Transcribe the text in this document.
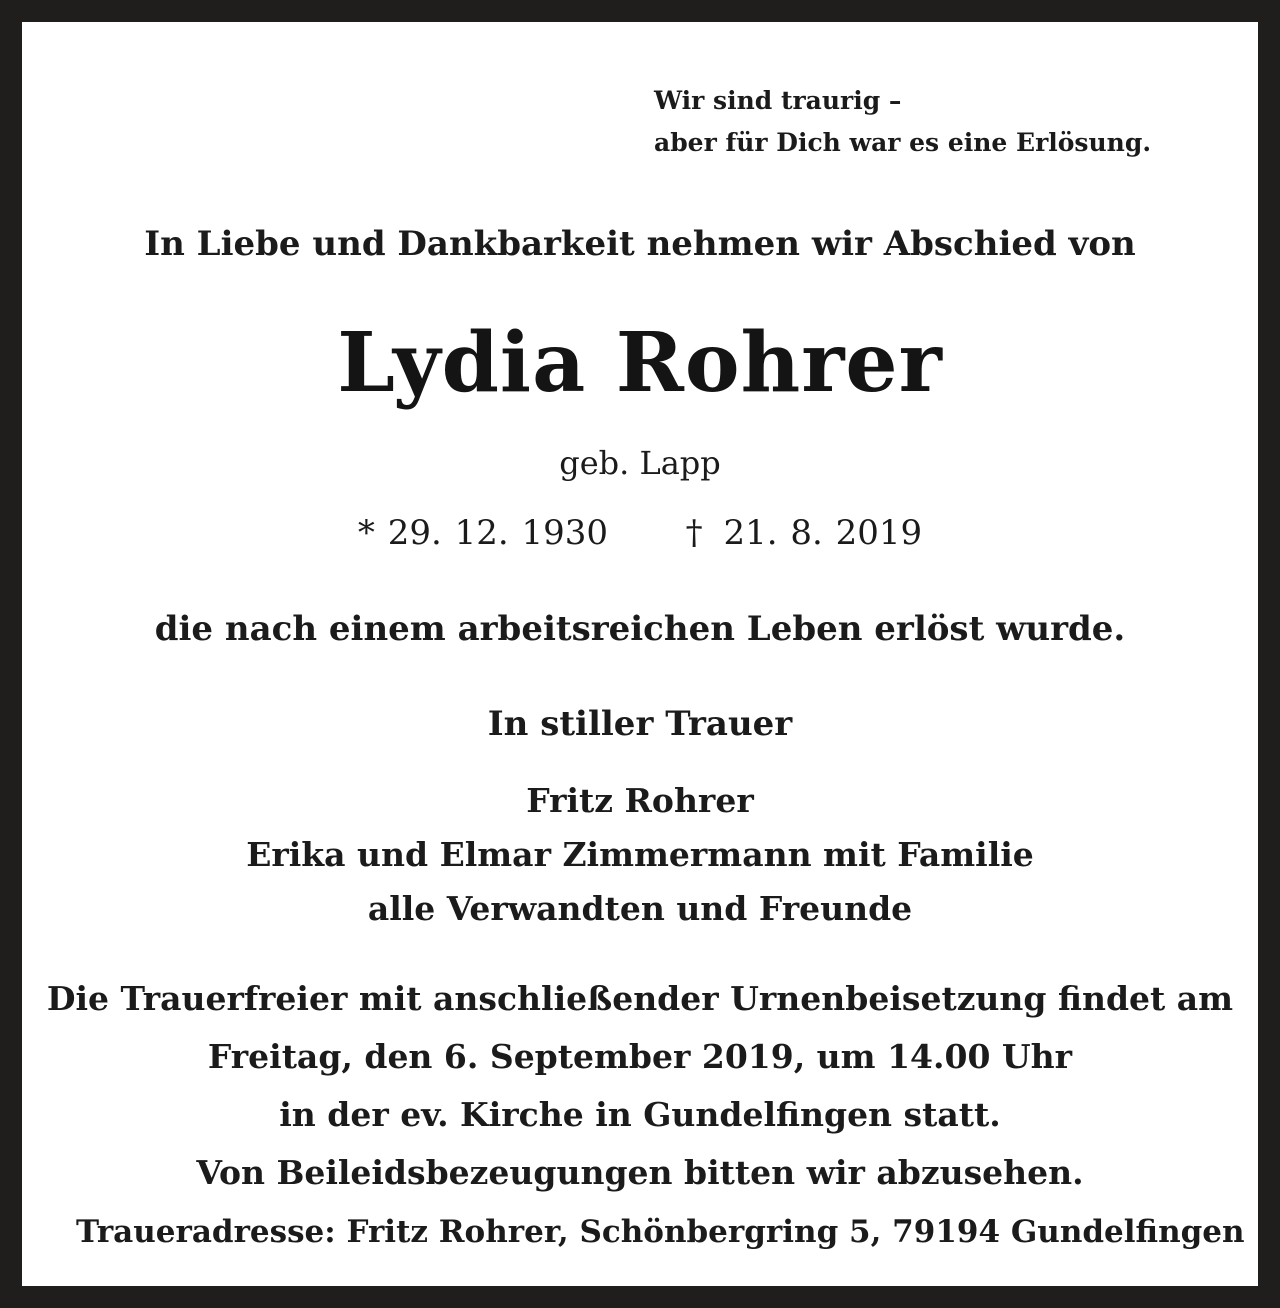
Wir sind traurig –
aber für Dich war es eine Erlösung.
In Liebe und Dankbarkeit nehmen wir Abschied von
Lydia Rohrer
geb. Lapp
* 29. 12. 1930 † 21. 8. 2019
die nach einem arbeitsreichen Leben erlöst wurde.
In stiller Trauer
Fritz Rohrer
Erika und Elmar Zimmermann mit Familie
alle Verwandten und Freunde
Die Trauerfreier mit anschließender Urnenbeisetzung findet am
Freitag, den 6. September 2019, um 14.00 Uhr
in der ev. Kirche in Gundelfingen statt.
Von Beileidsbezeugungen bitten wir abzusehen.
Traueradresse: Fritz Rohrer, Schönbergring 5, 79194 Gundelfingen
